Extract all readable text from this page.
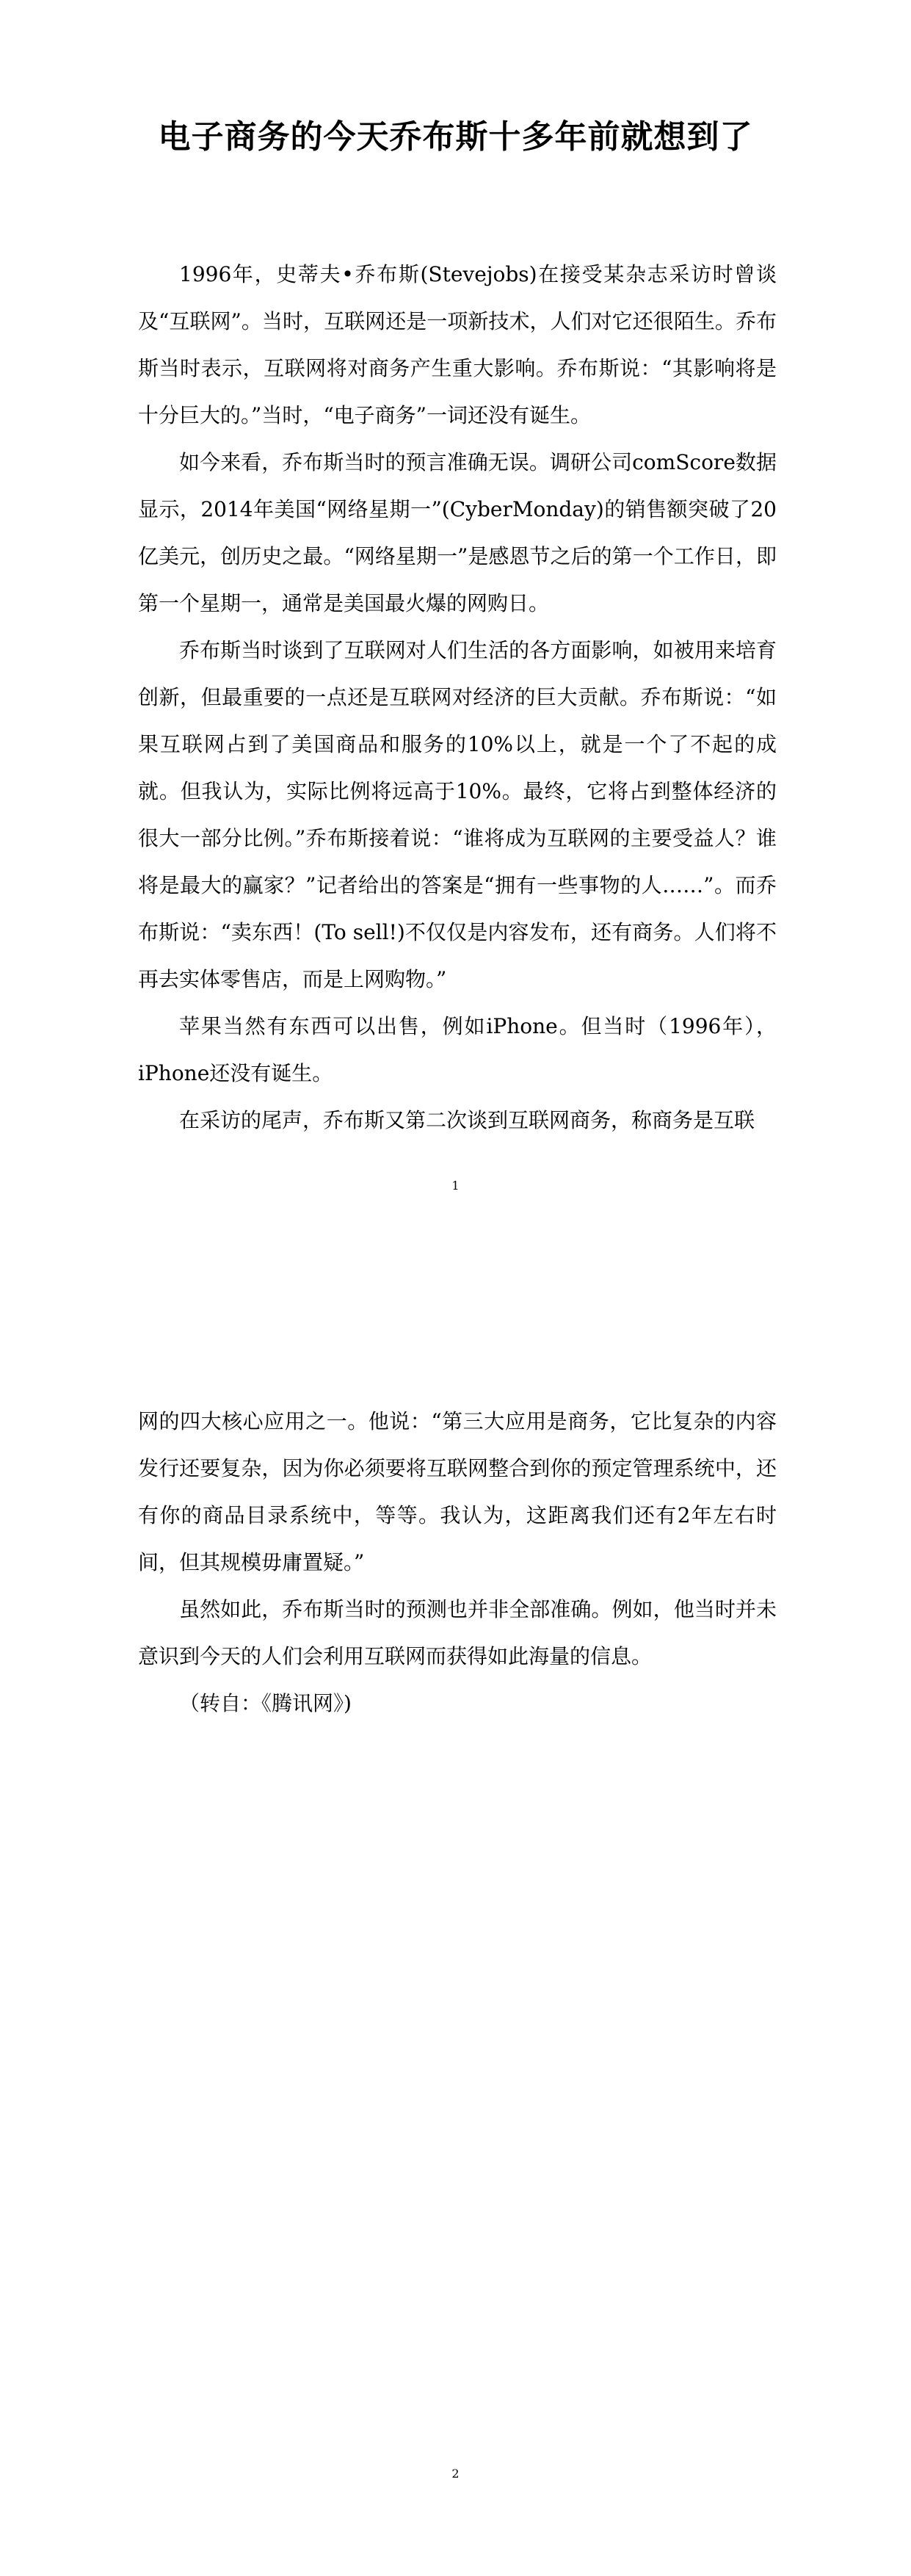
电子商务的今天乔布斯十多年前就想到了

1996年，史蒂夫•乔布斯(Stevejobs)在接受某杂志采访时曾谈及“互联网”。当时，互联网还是一项新技术，人们对它还很陌生。乔布斯当时表示，互联网将对商务产生重大影响。乔布斯说：“其影响将是十分巨大的。”当时，“电子商务”一词还没有诞生。

如今来看，乔布斯当时的预言准确无误。调研公司comScore数据显示，2014年美国“网络星期一”(CyberMonday)的销售额突破了20亿美元，创历史之最。“网络星期一”是感恩节之后的第一个工作日，即第一个星期一，通常是美国最火爆的网购日。

乔布斯当时谈到了互联网对人们生活的各方面影响，如被用来培育创新，但最重要的一点还是互联网对经济的巨大贡献。乔布斯说：“如果互联网占到了美国商品和服务的10%以上，就是一个了不起的成就。但我认为，实际比例将远高于10%。最终，它将占到整体经济的很大一部分比例。”乔布斯接着说：“谁将成为互联网的主要受益人？谁将是最大的赢家？”记者给出的答案是“拥有一些事物的人……”。而乔布斯说：“卖东西！(To sell!)不仅仅是内容发布，还有商务。人们将不再去实体零售店，而是上网购物。”

苹果当然有东西可以出售，例如iPhone。但当时（1996年），iPhone还没有诞生。

在采访的尾声，乔布斯又第二次谈到互联网商务，称商务是互联

1

网的四大核心应用之一。他说：“第三大应用是商务，它比复杂的内容发行还要复杂，因为你必须要将互联网整合到你的预定管理系统中，还有你的商品目录系统中，等等。我认为，这距离我们还有2年左右时间，但其规模毋庸置疑。”

虽然如此，乔布斯当时的预测也并非全部准确。例如，他当时并未意识到今天的人们会利用互联网而获得如此海量的信息。

（转自：《腾讯网》)

2
